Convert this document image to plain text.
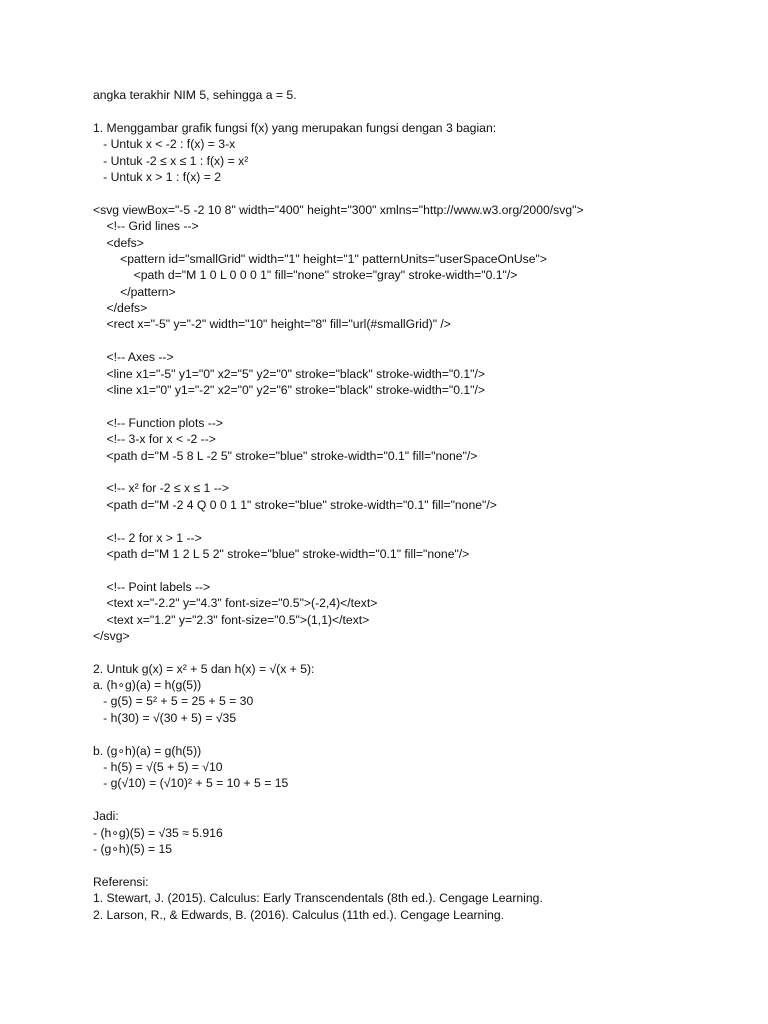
angka terakhir NIM 5, sehingga a = 5.
1. Menggambar grafik fungsi f(x) yang merupakan fungsi dengan 3 bagian:
- Untuk x < -2 : f(x) = 3-x
- Untuk -2 ≤ x ≤ 1 : f(x) = x²
- Untuk x > 1 : f(x) = 2
<svg viewBox="-5 -2 10 8" width="400" height="300" xmlns="http://www.w3.org/2000/svg">
<!-- Grid lines -->
<defs>
<pattern id="smallGrid" width="1" height="1" patternUnits="userSpaceOnUse">
<path d="M 1 0 L 0 0 0 1" fill="none" stroke="gray" stroke-width="0.1"/>
</pattern>
</defs>
<rect x="-5" y="-2" width="10" height="8" fill="url(#smallGrid)" />
<!-- Axes -->
<line x1="-5" y1="0" x2="5" y2="0" stroke="black" stroke-width="0.1"/>
<line x1="0" y1="-2" x2="0" y2="6" stroke="black" stroke-width="0.1"/>
<!-- Function plots -->
<!-- 3-x for x < -2 -->
<path d="M -5 8 L -2 5" stroke="blue" stroke-width="0.1" fill="none"/>
<!-- x² for -2 ≤ x ≤ 1 -->
<path d="M -2 4 Q 0 0 1 1" stroke="blue" stroke-width="0.1" fill="none"/>
<!-- 2 for x > 1 -->
<path d="M 1 2 L 5 2" stroke="blue" stroke-width="0.1" fill="none"/>
<!-- Point labels -->
<text x="-2.2" y="4.3" font-size="0.5">(-2,4)</text>
<text x="1.2" y="2.3" font-size="0.5">(1,1)</text>
</svg>
2. Untuk g(x) = x² + 5 dan h(x) = √(x + 5):
a. (h∘g)(a) = h(g(5))
- g(5) = 5² + 5 = 25 + 5 = 30
- h(30) = √(30 + 5) = √35
b. (g∘h)(a) = g(h(5))
- h(5) = √(5 + 5) = √10
- g(√10) = (√10)² + 5 = 10 + 5 = 15
Jadi:
- (h∘g)(5) = √35 ≈ 5.916
- (g∘h)(5) = 15
Referensi:
1. Stewart, J. (2015). Calculus: Early Transcendentals (8th ed.). Cengage Learning.
2. Larson, R., & Edwards, B. (2016). Calculus (11th ed.). Cengage Learning.
